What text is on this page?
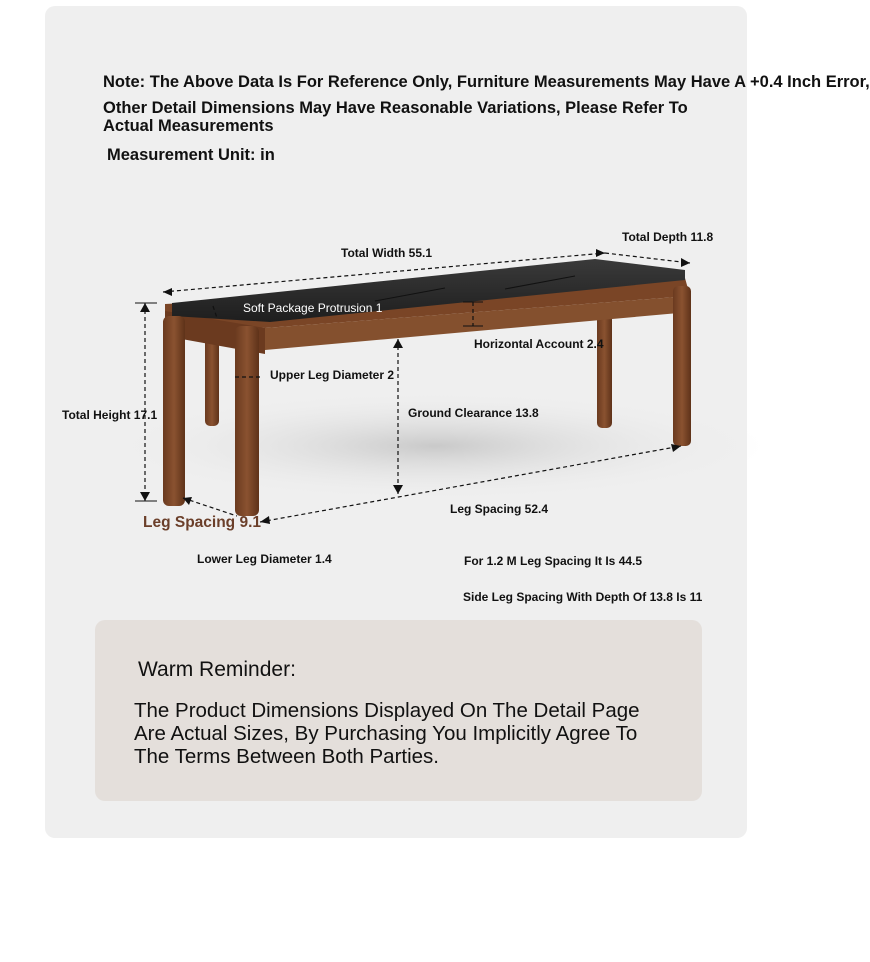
Note: The Above Data Is For Reference Only, Furniture Measurements May Have A +0.4 Inch Error,
Other Detail Dimensions May Have Reasonable Variations, Please Refer To
Actual Measurements
Measurement Unit: in
Total Width 55.1
Total Depth 11.8
Soft Package Protrusion 1
Horizontal Account 2.4
Upper Leg Diameter 2
Total Height 17.1	Ground Clearance 13.8
Leg Spacing 9.1
Leg Spacing 52.4
Lower Leg Diameter 1.4	For 1.2 M Leg Spacing It Is 44.5
Side Leg Spacing With Depth Of 13.8 Is 11
Warm Reminder:
The Product Dimensions Displayed On The Detail Page Are Actual Sizes, By Purchasing You Implicitly Agree To The Terms Between Both Parties.
